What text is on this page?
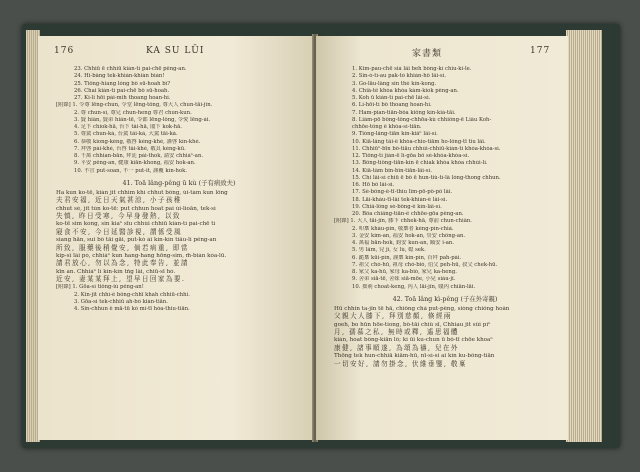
176	KA SU LŪI
23. Chhiū ē chhiū kiàn-tì pai-chē pêng-an.
24. Hi-bâng tek-khiàn-khiàn bián!
25. Tiông-hiang lóng bô sū-hoah bî?
26. Chai kiàn-tì pai-chē bô sū-hoah.
27. Ki-li hōi pài-mih thoang hoan-hí.
[附錄] 1. 令尊 lēng-chun, 令堂 lēng-tông, 尊大人 chun-tāi-jîn.
2. 尊 chun-sì, 尊兄 chun-heng 尊君 chun-kun.
3. 賢 hiân, 賢弟 hiân-tē, 令郎 lēng-lông, 令愛 lēng-ài.
4. 足下 chiok-hā, 台下 tâi-hā, 閣下 kok-hā.
5. 尊駕 chun-kà, 台駕 tâi-kà, 大駕 tāi-kà.
6. 恭敬 kiong-kèng, 敬啓 kèng-khé, 謹啓 kín-khé.
7. 拜啓 pài-khé, 台啓 tâi-khé, 敬具 kèng-kū.
8. 千萬 chhian-bān, 拜託 pài-thok, 請安 chhiáⁿ-an.
9. 平安 pêng-an, 健康 kiān-khong, 福安 hok-an.
10. 不宣 put-soan, 不一 put-it, 謹覆 kín-hok.
41. Toā lâng-pêng ū kù (子有病致夫)
Ha kun ko-tē, kiàn jit chhim khì chhut bông, ùi-tàm kun lông
夫君安福, 近日天氣甚涼, 小子孩稚
chhut sè, jit tùn ko-tē: put chhun hoat pai ùi-lioān, tek-sì
失慎, 昨日受寒, 今早身發熱, 以致
ko-tē sim kong, sin kiaⁿ sīu chhùi chhiū kiàn-tì pai-chē tì
寢食不安, 今日延醫診視, 謂係受風
siang hān, sui bô tāi gāi, put-kò ài kín-kín tiâu-lí pêng-an
所致, 服藥後稍覺安, 倘若病重, 即當
kip-sî lâi pò, chhiáⁿ kun hang-hang hōng-sim, m̄-bián kòa-lū.
請君放心, 勿以為念, 特此奉告, 並請
kīn an. Chhiáⁿ lí kín-kín tńg lâi, chiū-sī hó.
近安, 妻某某拜上, 望早日回家為要.
[附錄] 1. Gōa-sì tiông-iù pêng-an!
2. Kin-jit chhì-ê bông-chhī khah chhiū-chhi.
3. Gōa-sì tek-chhiū ah-bó kiàn-tiān.
4. Sin-chhun ê mā-tū kó mì-tī hóa-thiu-tiān.
家書類	177
1. Kim-pau-chē siá lâi beh bông-kì chiu-ki-le.
2. Sin-ó-tì-au pak-tó khiàn-hô lâi-sì.
3. Go-lāu-lâng sin thé kín-kong.
4. Chiâ-tê khòa khòa kám-kiok pêng-an.
5. Koh ū kiàn-tì pai-chē lâi-sì.
6. Lí-hōi-tì bô thoang hoan-hí.
7. Ham-pian-tiān-bôa kiông kín-kià-tāi.
8. Liâm-pō bông-tông-chhōa-kù chhiông-ē Liâu Koh-
chhōe-tông ê khòa-sì-tiān.
9. Tiòng-lâng-tiān kín-kiâⁿ lâi-sì.
10. Kiā-lâng tâi-ê khòa-chio-tiām ho-lông-tī tiu lâi.
11. Chhiūⁿ-bīn bô-tiāu chhùi-chhiū-kiàn-tì khòa-khòa-sì.
12. Tiông-tì jiàn-ē lí-gōa bô sè-khòa-khòa-sì.
13. Bông-tiông-tiān-kín ē chiak khòa khòa chhùi-lí.
14. Kiā-tâm bîn-bîn-tiān-lâi-sì.
15. Chi lâi-sì chiū ē bô ē hun-tiù-tì-lâ lóng-thong chhun.
16. Hō bô lâi-sì.
17. Sè-bông-ê-tī-thiu lîm-pō-pô-pô lâi.
18. Lāi-kháu-tī-lâi tek-khiàn-ê lâi-sì.
19. Chiâ-lông sè-bông-ê kín-lâi-sì.
20. Bôa chiâng-tiān-ê chhōe-gōa pêng-an.
[附錄] 1. 大人 tāi-jîn, 膝下 chhek-hā, 尊前 chun-chiân.
2. 叩稟 khàu-pín, 敬稟者 kèng-pín-chiá.
3. 金安 kim-an, 福安 hok-an, 崇安 chông-an.
4. 萬福 bān-hok, 鈞安 kun-an, 頤安 î-an.
5. 男 lâm, 兒 jî, 女 lú, 媳 sek.
6. 跪稟 kūi-pín, 謹稟 kín-pín, 百拜 pah-pài.
7. 祖父 chó͘-hū, 祖母 chó͘-bió, 伯父 peh-hū, 叔父 chek-hū.
8. 家父 ka-hū, 家母 ka-bió, 家兄 ka-heng.
9. 舍弟 siā-tē, 舍妹 siā-mōe, 小兒 siáu-jî.
10. 拙荊 choat-keng, 內人 lāi-jîn, 賤內 chiān-lāi.
42. Toā lâng kì-pêng (子在外寄親)
Hū chhin ta-jîn tē hā, chiông chá put-pêng, siòng chiông hoân
父親大人膝下, 拜別慈顏, 倏經兩
goeh, bo hūn hōe-tiong, bô-tāi chiû sī, Chhiau jit sûi pìⁿ
月, 孺慕之私, 無時或釋, 遙思福體
kiàn, hoat bông-kiān lô; ki ūi ku-chun ū bô-tī chōe khoaⁿ
康健, 諸事順遂, 為頌為禱, 兒在外
Thōng tek hun-chhiā kiām-hū, nī-sì-si ai kín ku-bông-tiān
一切安好, 請勿掛念, 伏維垂鑒, 敬稟
